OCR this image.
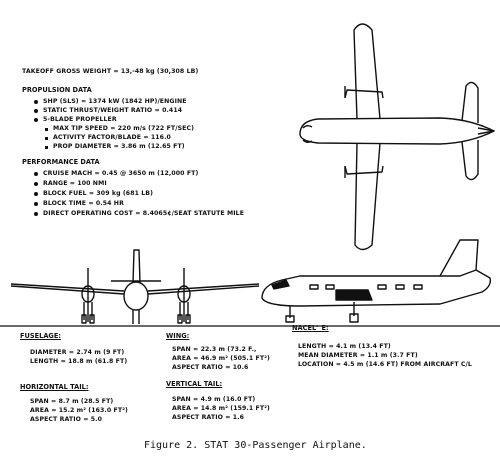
TAKEOFF GROSS WEIGHT = 13,-48 kg (30,308 LB)
PROPULSION DATA
SHP (SLS) = 1374 kW (1842 HP)/ENGINE
STATIC THRUST/WEIGHT RATIO = 0.414
5-BLADE PROPELLER
MAX TIP SPEED = 220 m/s (722 FT/SEC)
ACTIVITY FACTOR/BLADE = 116.0
PROP DIAMETER = 3.86 m (12.65 FT)
PERFORMANCE DATA
CRUISE MACH = 0.45 @ 3650 m (12,000 FT)
RANGE = 100 NMI
BLOCK FUEL = 309 kg (681 LB)
BLOCK TIME = 0.54 HR
DIRECT OPERATING COST = 8.4065¢/SEAT STATUTE MILE
FUSELAGE:
DIAMETER = 2.74 m (9 FT)
LENGTH = 18.8 m (61.8 FT)
WING:
SPAN = 22.3 m (73.2 F.,
AREA = 46.9 m² (505.1 FT²)
ASPECT RATIO = 10.6
NACEL'_E:
LENGTH = 4.1 m (13.4 FT)
MEAN DIAMETER = 1.1 m (3.7 FT)
LOCATION = 4.5 m (14.6 FT) FROM AIRCRAFT C/L
HORIZONTAL TAIL:
SPAN = 8.7 m (28.5 FT)
AREA = 15.2 m² (163.0 FT²)
ASPECT RATIO = 5.0
VERTICAL TAIL:
SPAN = 4.9 m (16.0 FT)
AREA = 14.8 m² (159.1 FT²)
ASPECT RATIO = 1.6
Figure 2. STAT 30-Passenger Airplane.
